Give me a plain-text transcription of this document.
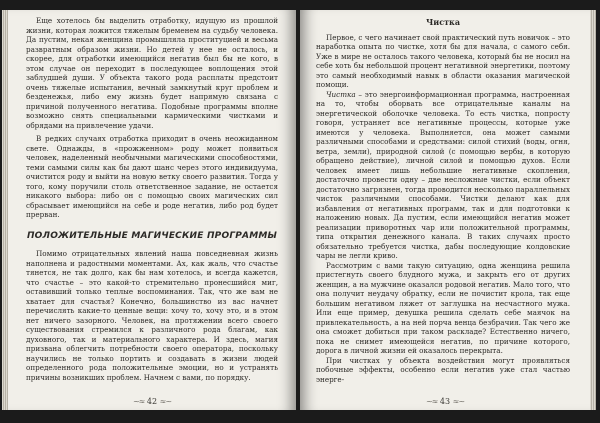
Еще хотелось бы выделить отработку, идущую из прошлой жизни, которая ложится тяжелым бременем на судьбу человека. Да пустим, некая женщина промышляла проституцией и весьма развратным образом жизни. Но детей у нее не осталось, и скорее, для отработки имеющийся негатив был бы не кого, в этом случае он переходит в последующее воплощения этой заблудшей души. У объекта такого рода расплаты предстоит очень тяжелые испытания, вечный замкнутый круг проблем и безденежья, либо ему жизнь будет напрямую связана с причиной полученного негатива. Подобные программы вполне возможно снять специальными кармическими чистками и обрядами на привлечение удачи.

В редких случаях отработка приходит в очень неожиданном свете. Однажды, в «прожженном» роду может появиться человек, наделенный необычными магическими способностями, теми самыми силы как бы дают шанс через этого индивидуума, очистится роду и выйти на новую ветку своего развития. Тогда у того, кому поручили столь ответственное задание, не остается никакого выбора: либо он с помощью своих магических сил сбрасывает имеющийся на себе и роде негатив, либо род будет прерван.

ПОЛОЖИТЕЛЬНЫЕ МАГИЧЕСКИЕ ПРОГРАММЫ

Помимо отрицательных явлений наша повседневная жизнь наполнена и радостными моментами. Ах, как жаль, что счастье тянется, не так долго, как бы нам хотелось, и всегда кажется, что счастье – это какой-то стремительно пронесшийся миг, оставивший только теплые воспоминания. Так, что же вам не хватает для счастья? Конечно, большинство из вас начнет перечислять какие-то ценные вещи: хочу то, хочу это, и в этом нет ничего зазорного. Человек, на протяжении всего своего существования стремился к различного рода благам, как духовного, так и материального характера. И здесь, магия призвана облегчить потребности своего оператора, поскольку научились не только портить и создавать в жизни людей определенного рода положительные эмоции, но и устранять причины возникших проблем. Начнем с вами, по порядку.

~≈ 42 ≈~
Чистка

Первое, с чего начинает свой практический путь новичок – это наработка опыта по чистке, хотя бы для начала, с самого себя. Уже в мире не осталось такого человека, который бы не носил на себе хоть бы небольшой процент негативной энергетики, поэтому это самый необходимый навык в области оказания магической помощи.

Чистка – это энергоинформационная программа, настроенная на то, чтобы оборвать все отрицательные каналы на энергетической оболочке человека. То есть чистка, попросту говоря, устраняет все негативные процессы, которые уже имеются у человека. Выполняется, она может самыми различными способами и средствами: силой стихий (воды, огня, ветра, земли), природной силой (с помощью вербы, в которую обращено действие), личной силой и помощью духов. Если человек имеет лишь небольшие негативные скопления, достаточно провести одну – две несложные чистки, если объект достаточно загрязнен, тогда проводится несколько параллельных чисток различными способами. Чистки делают как для избавления от негативных программ, так и для подготовки к наложению новых. Да пустим, если имеющийся негатив может реализации приворотных чар или положительной программы, типа открытия денежного канала. В таких случаях просто обязательно требуется чистка, дабы последующие колдовские чары не легли криво.

Рассмотрим с вами такую ситуацию, одна женщина решила пристегнуть своего блудного мужа, и закрыть его от других женщин, а на мужчине оказался родовой негатив. Мало того, что она получит неудачу обратку, если не почистит крола, так еще большим негативом ляжет от заглушка на несчастного мужа. Или еще пример, девушка решила сделать себе маячок на привлекательность, а на ней порча венца безбрачия. Так чего же она сможет добиться при таком раскладе? Естественно ничего, пока не снимет имеющейся негатив, по причине которого, дорога в личной жизни ей оказалось перекрыта.

При чистках у объекта воздействия могут проявляться побочные эффекты, особенно если негатив уже стал частью энерге-

~≈ 43 ≈~
